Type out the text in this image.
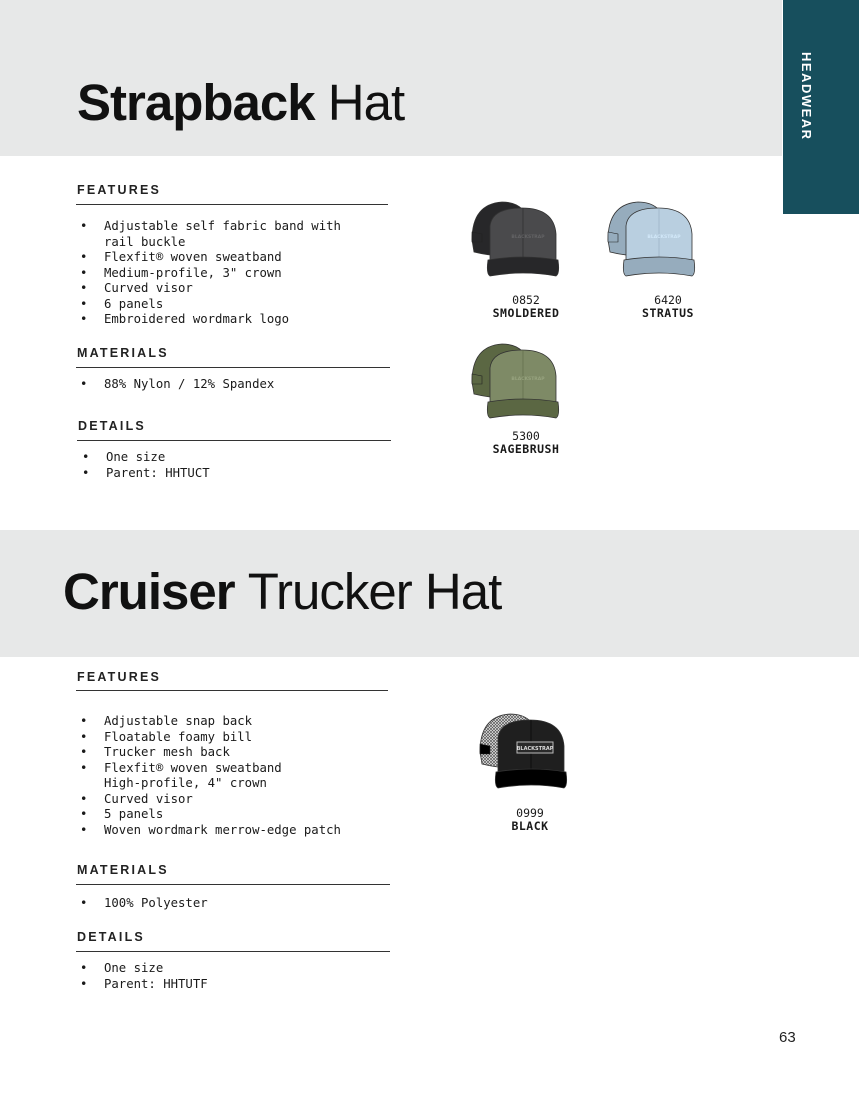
HEADWEAR
Strapback Hat
FEATURES
• Adjustable self fabric band with
rail buckle
• Flexfit® woven sweatband
• Medium-profile, 3" crown
• Curved visor
• 6 panels
• Embroidered wordmark logo
MATERIALS
• 88% Nylon / 12% Spandex
DETAILS
• One size
• Parent: HHTUCT
BLACKSTRAP
0852
SMOLDERED
BLACKSTRAP
6420
STRATUS
BLACKSTRAP
5300
SAGEBRUSH
Cruiser Trucker Hat
FEATURES
• Adjustable snap back
• Floatable foamy bill
• Trucker mesh back
• Flexfit® woven sweatband
High-profile, 4" crown
• Curved visor
• 5 panels
• Woven wordmark merrow-edge patch
MATERIALS
• 100% Polyester
DETAILS
• One size
• Parent: HHTUTF
BLACKSTRAP
0999
BLACK
63
